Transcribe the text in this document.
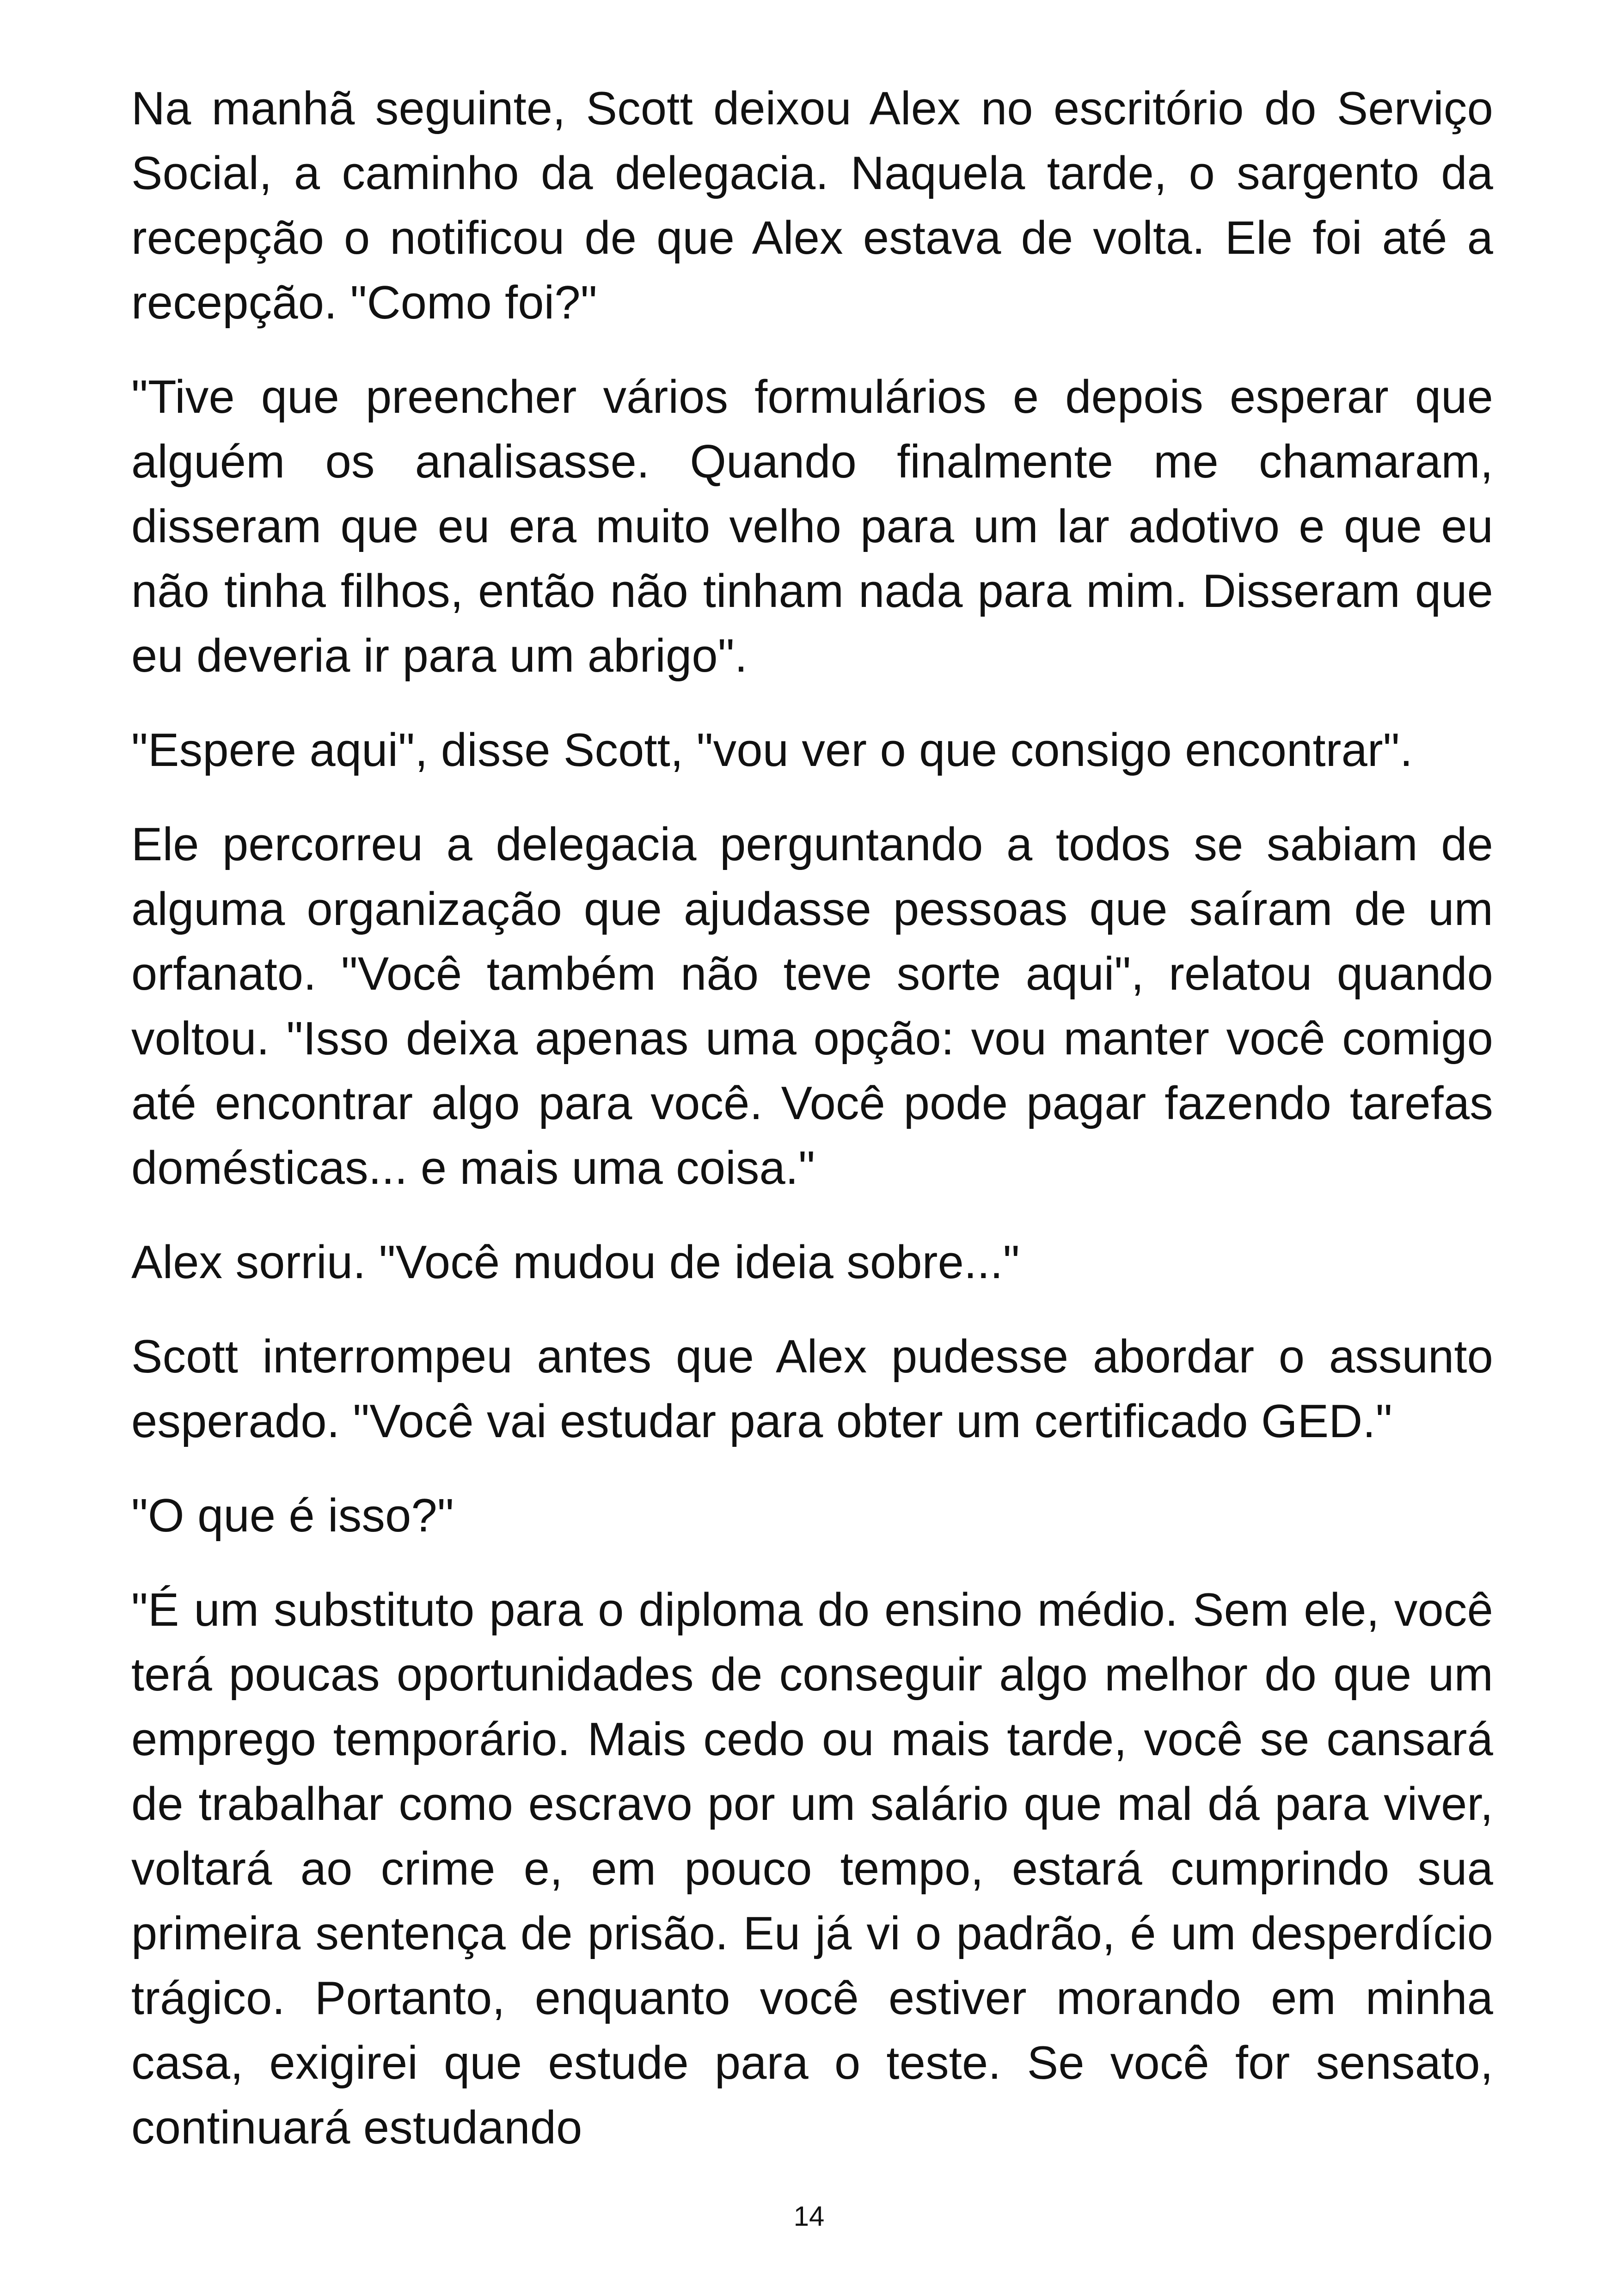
Na manhã seguinte, Scott deixou Alex no escritório do Serviço Social, a caminho da delegacia. Naquela tarde, o sargento da recepção o notificou de que Alex estava de volta. Ele foi até a recepção. "Como foi?"

"Tive que preencher vários formulários e depois esperar que alguém os analisasse. Quando finalmente me chamaram, disseram que eu era muito velho para um lar adotivo e que eu não tinha filhos, então não tinham nada para mim. Disseram que eu deveria ir para um abrigo".

"Espere aqui", disse Scott, "vou ver o que consigo encontrar".

Ele percorreu a delegacia perguntando a todos se sabiam de alguma organização que ajudasse pessoas que saíram de um orfanato. "Você também não teve sorte aqui", relatou quando voltou. "Isso deixa apenas uma opção: vou manter você comigo até encontrar algo para você. Você pode pagar fazendo tarefas domésticas... e mais uma coisa."

Alex sorriu. "Você mudou de ideia sobre..."

Scott interrompeu antes que Alex pudesse abordar o assunto esperado. "Você vai estudar para obter um certificado GED."

"O que é isso?"

"É um substituto para o diploma do ensino médio. Sem ele, você terá poucas oportunidades de conseguir algo melhor do que um emprego temporário. Mais cedo ou mais tarde, você se cansará de trabalhar como escravo por um salário que mal dá para viver, voltará ao crime e, em pouco tempo, estará cumprindo sua primeira sentença de prisão. Eu já vi o padrão, é um desperdício trágico. Portanto, enquanto você estiver morando em minha casa, exigirei que estude para o teste. Se você for sensato, continuará estudando

14
